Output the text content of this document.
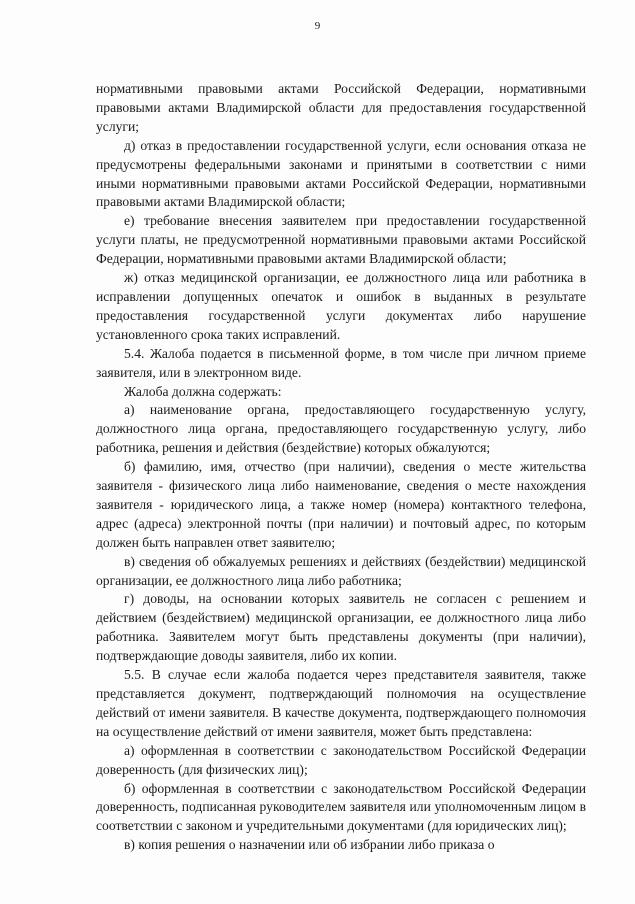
9

нормативными правовыми актами Российской Федерации, нормативными правовыми актами Владимирской области для предоставления государственной услуги;

д) отказ в предоставлении государственной услуги, если основания отказа не предусмотрены федеральными законами и принятыми в соответствии с ними иными нормативными правовыми актами Российской Федерации, нормативными правовыми актами Владимирской области;

е) требование внесения заявителем при предоставлении государственной услуги платы, не предусмотренной нормативными правовыми актами Российской Федерации, нормативными правовыми актами Владимирской области;

ж) отказ медицинской организации, ее должностного лица или работника в исправлении допущенных опечаток и ошибок в выданных в результате предоставления государственной услуги документах либо нарушение установленного срока таких исправлений.

5.4. Жалоба подается в письменной форме, в том числе при личном приеме заявителя, или в электронном виде.

Жалоба должна содержать:

а) наименование органа, предоставляющего государственную услугу, должностного лица органа, предоставляющего государственную услугу, либо работника, решения и действия (бездействие) которых обжалуются;

б) фамилию, имя, отчество (при наличии), сведения о месте жительства заявителя - физического лица либо наименование, сведения о месте нахождения заявителя - юридического лица, а также номер (номера) контактного телефона, адрес (адреса) электронной почты (при наличии) и почтовый адрес, по которым должен быть направлен ответ заявителю;

в) сведения об обжалуемых решениях и действиях (бездействии) медицинской организации, ее должностного лица либо работника;

г) доводы, на основании которых заявитель не согласен с решением и действием (бездействием) медицинской организации, ее должностного лица либо работника. Заявителем могут быть представлены документы (при наличии), подтверждающие доводы заявителя, либо их копии.

5.5. В случае если жалоба подается через представителя заявителя, также представляется документ, подтверждающий полномочия на осуществление действий от имени заявителя. В качестве документа, подтверждающего полномочия на осуществление действий от имени заявителя, может быть представлена:

а) оформленная в соответствии с законодательством Российской Федерации доверенность (для физических лиц);

б) оформленная в соответствии с законодательством Российской Федерации доверенность, подписанная руководителем заявителя или уполномоченным лицом в соответствии с законом и учредительными документами (для юридических лиц);

в) копия решения о назначении или об избрании либо приказа о
